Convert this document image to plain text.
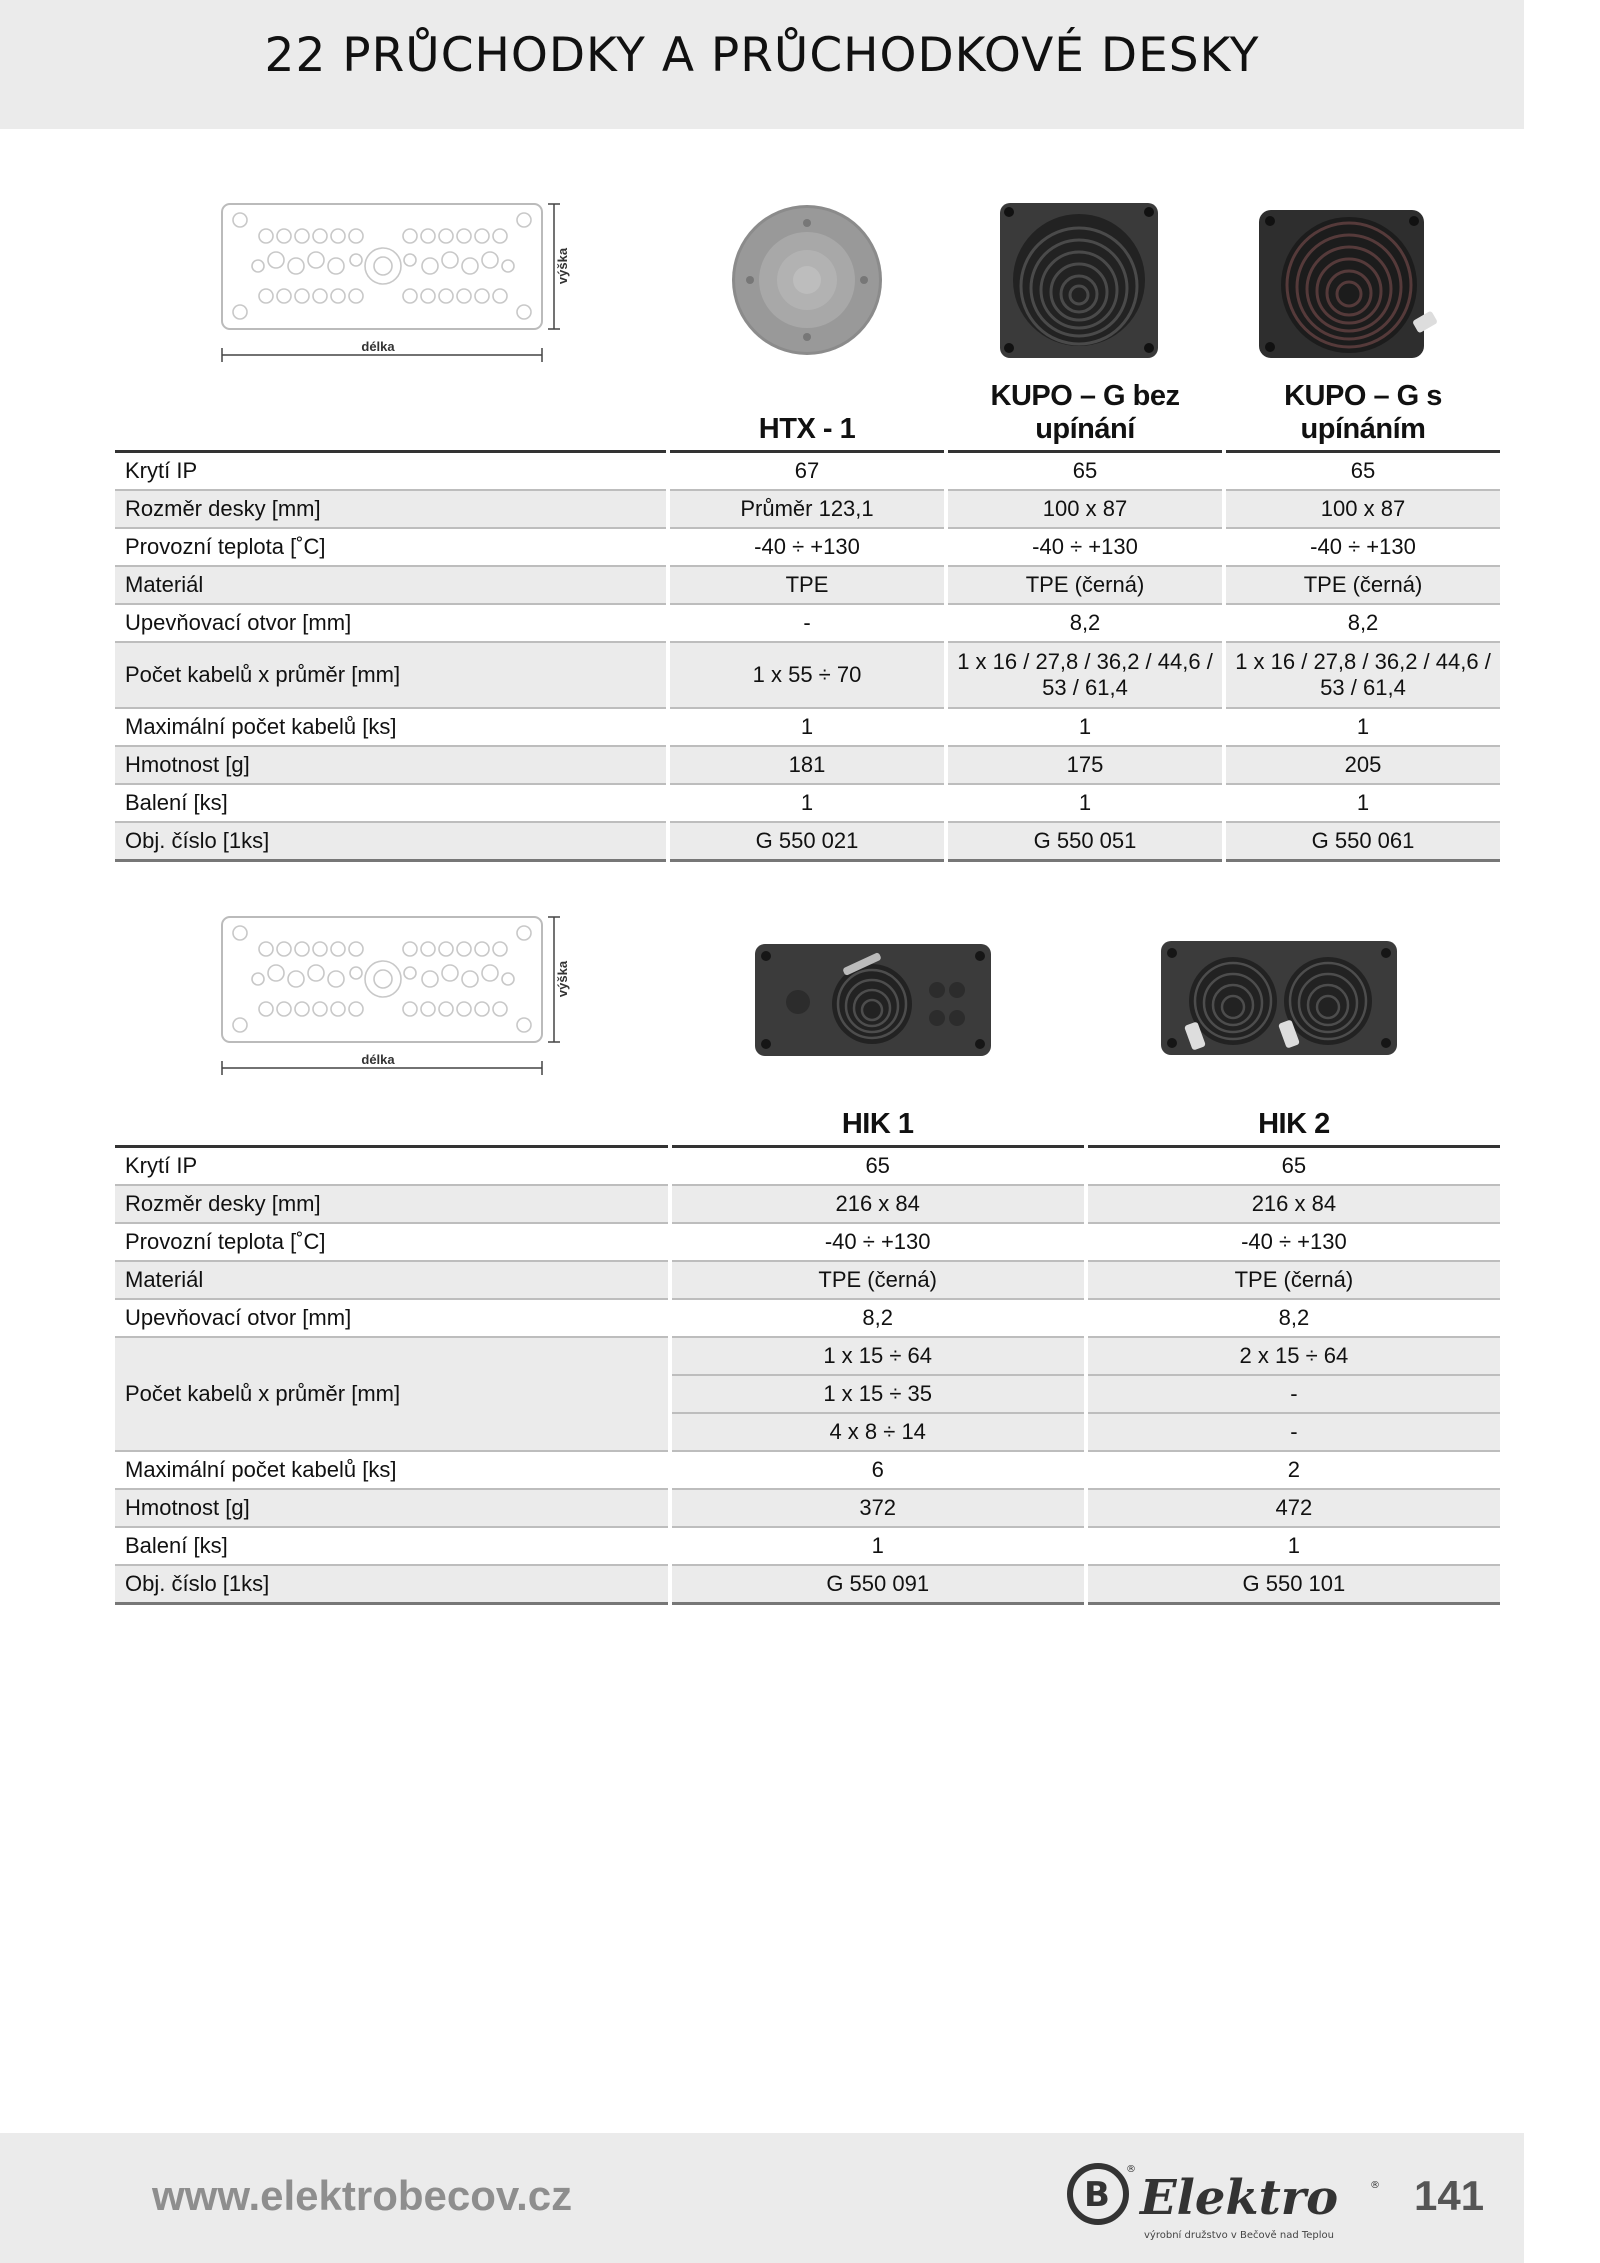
22 PRŮCHODKY A PRŮCHODKOVÉ DESKY
délka
výška
	HTX - 1	KUPO – G bez upínání	KUPO – G s upínáním
Krytí IP	67	65	65
Rozměr desky [mm]	Průměr 123,1	100 x 87	100 x 87
Provozní teplota [˚C]	-40 ÷ +130	-40 ÷ +130	-40 ÷ +130
Materiál	TPE	TPE (černá)	TPE (černá)
Upevňovací otvor [mm]	-	8,2	8,2
Počet kabelů x průměr [mm]	1 x 55 ÷ 70	1 x 16 / 27,8 / 36,2 / 44,6 / 53 / 61,4	1 x 16 / 27,8 / 36,2 / 44,6 / 53 / 61,4
Maximální počet kabelů [ks]	1	1	1
Hmotnost [g]	181	175	205
Balení [ks]	1	1	1
Obj. číslo [1ks]	G 550 021	G 550 051	G 550 061
délka
výška
	HIK 1	HIK 2
Krytí IP	65	65
Rozměr desky [mm]	216 x 84	216 x 84
Provozní teplota [˚C]	-40 ÷ +130	-40 ÷ +130
Materiál	TPE (černá)	TPE (černá)
Upevňovací otvor [mm]	8,2	8,2
Počet kabelů x průměr [mm]	1 x 15 ÷ 64	2 x 15 ÷ 64
	1 x 15 ÷ 35	-
	4 x 8 ÷ 14	-
Maximální počet kabelů [ks]	6	2
Hmotnost [g]	372	472
Balení [ks]	1	1
Obj. číslo [1ks]	G 550 091	G 550 101
www.elektrobecov.cz	B
®
Elektro	®
výrobní družstvo v Bečově nad Teplou
141
